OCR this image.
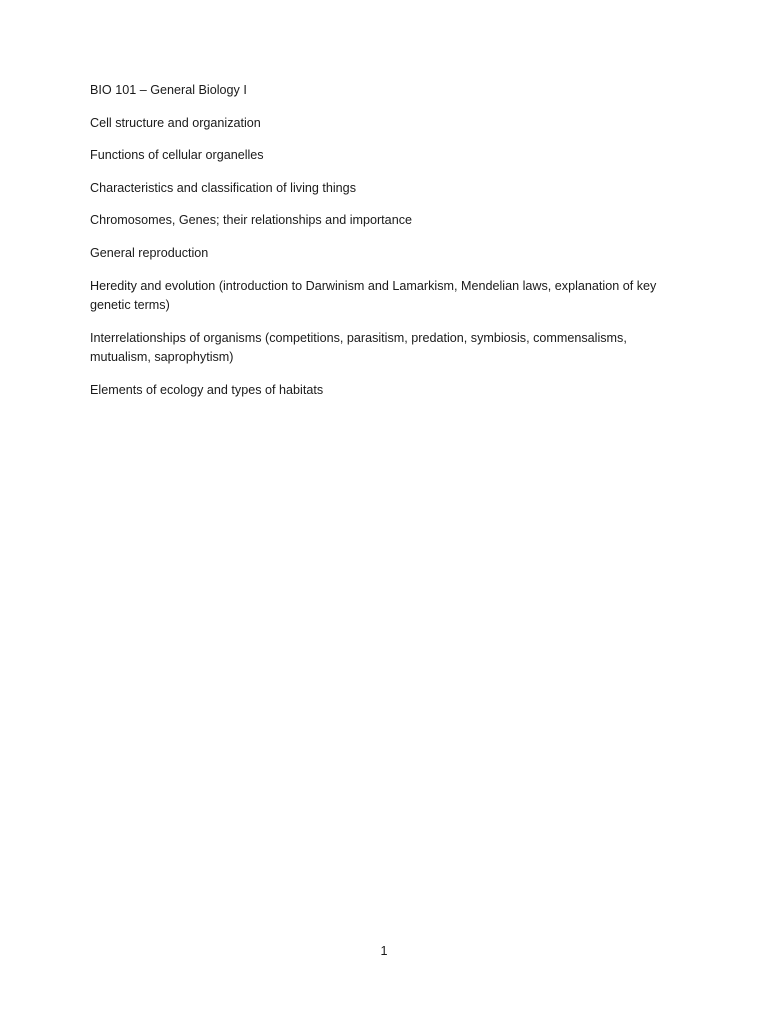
BIO 101 – General Biology I

Cell structure and organization

Functions of cellular organelles

Characteristics and classification of living things

Chromosomes, Genes; their relationships and importance

General reproduction

Heredity and evolution (introduction to Darwinism and Lamarkism, Mendelian laws, explanation of key genetic terms)

Interrelationships of organisms (competitions, parasitism, predation, symbiosis, commensalisms, mutualism, saprophytism)

Elements of ecology and types of habitats

1
